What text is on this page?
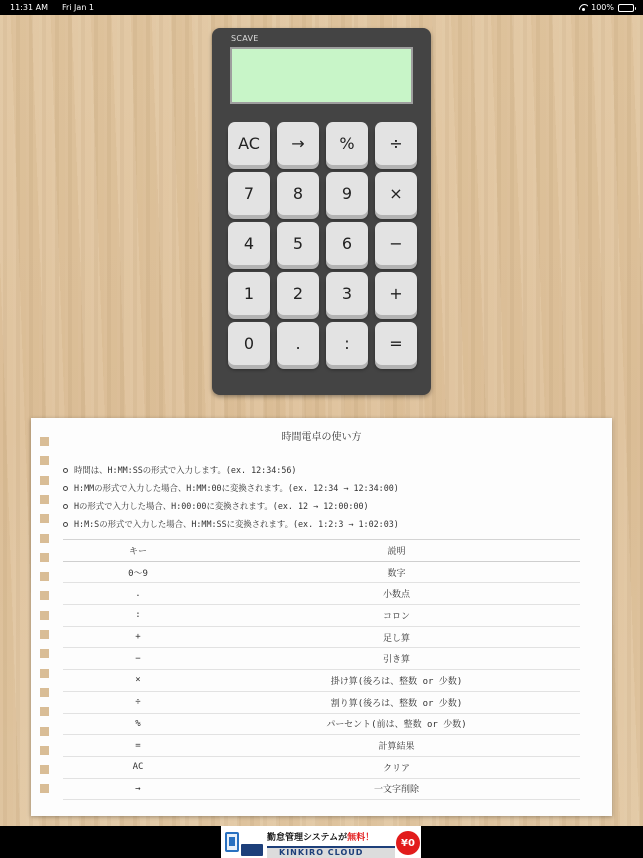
11:31 AM Fri Jan 1	100%
SCAVE
AC	→	%	÷
7	8	9	×
4	5	6	−
1	2	3	+
0	.	:	=
時間電卓の使い方
時間は、H:MM:SSの形式で入力します。(ex. 12:34:56)
H:MMの形式で入力した場合、H:MM:00に変換されます。(ex. 12:34 → 12:34:00)
Hの形式で入力した場合、H:00:00に変換されます。(ex. 12 → 12:00:00)
H:M:Sの形式で入力した場合、H:MM:SSに変換されます。(ex. 1:2:3 → 1:02:03)
キー	説明
0～9	数字
.	小数点
:	コロン
+	足し算
−	引き算
×	掛け算(後ろは、整数 or 少数)
÷	割り算(後ろは、整数 or 少数)
%	パーセント(前は、整数 or 少数)
=	計算結果
AC	クリア
→	一文字削除
勤怠管理システムが無料！
KINKIRO CLOUD
¥0
